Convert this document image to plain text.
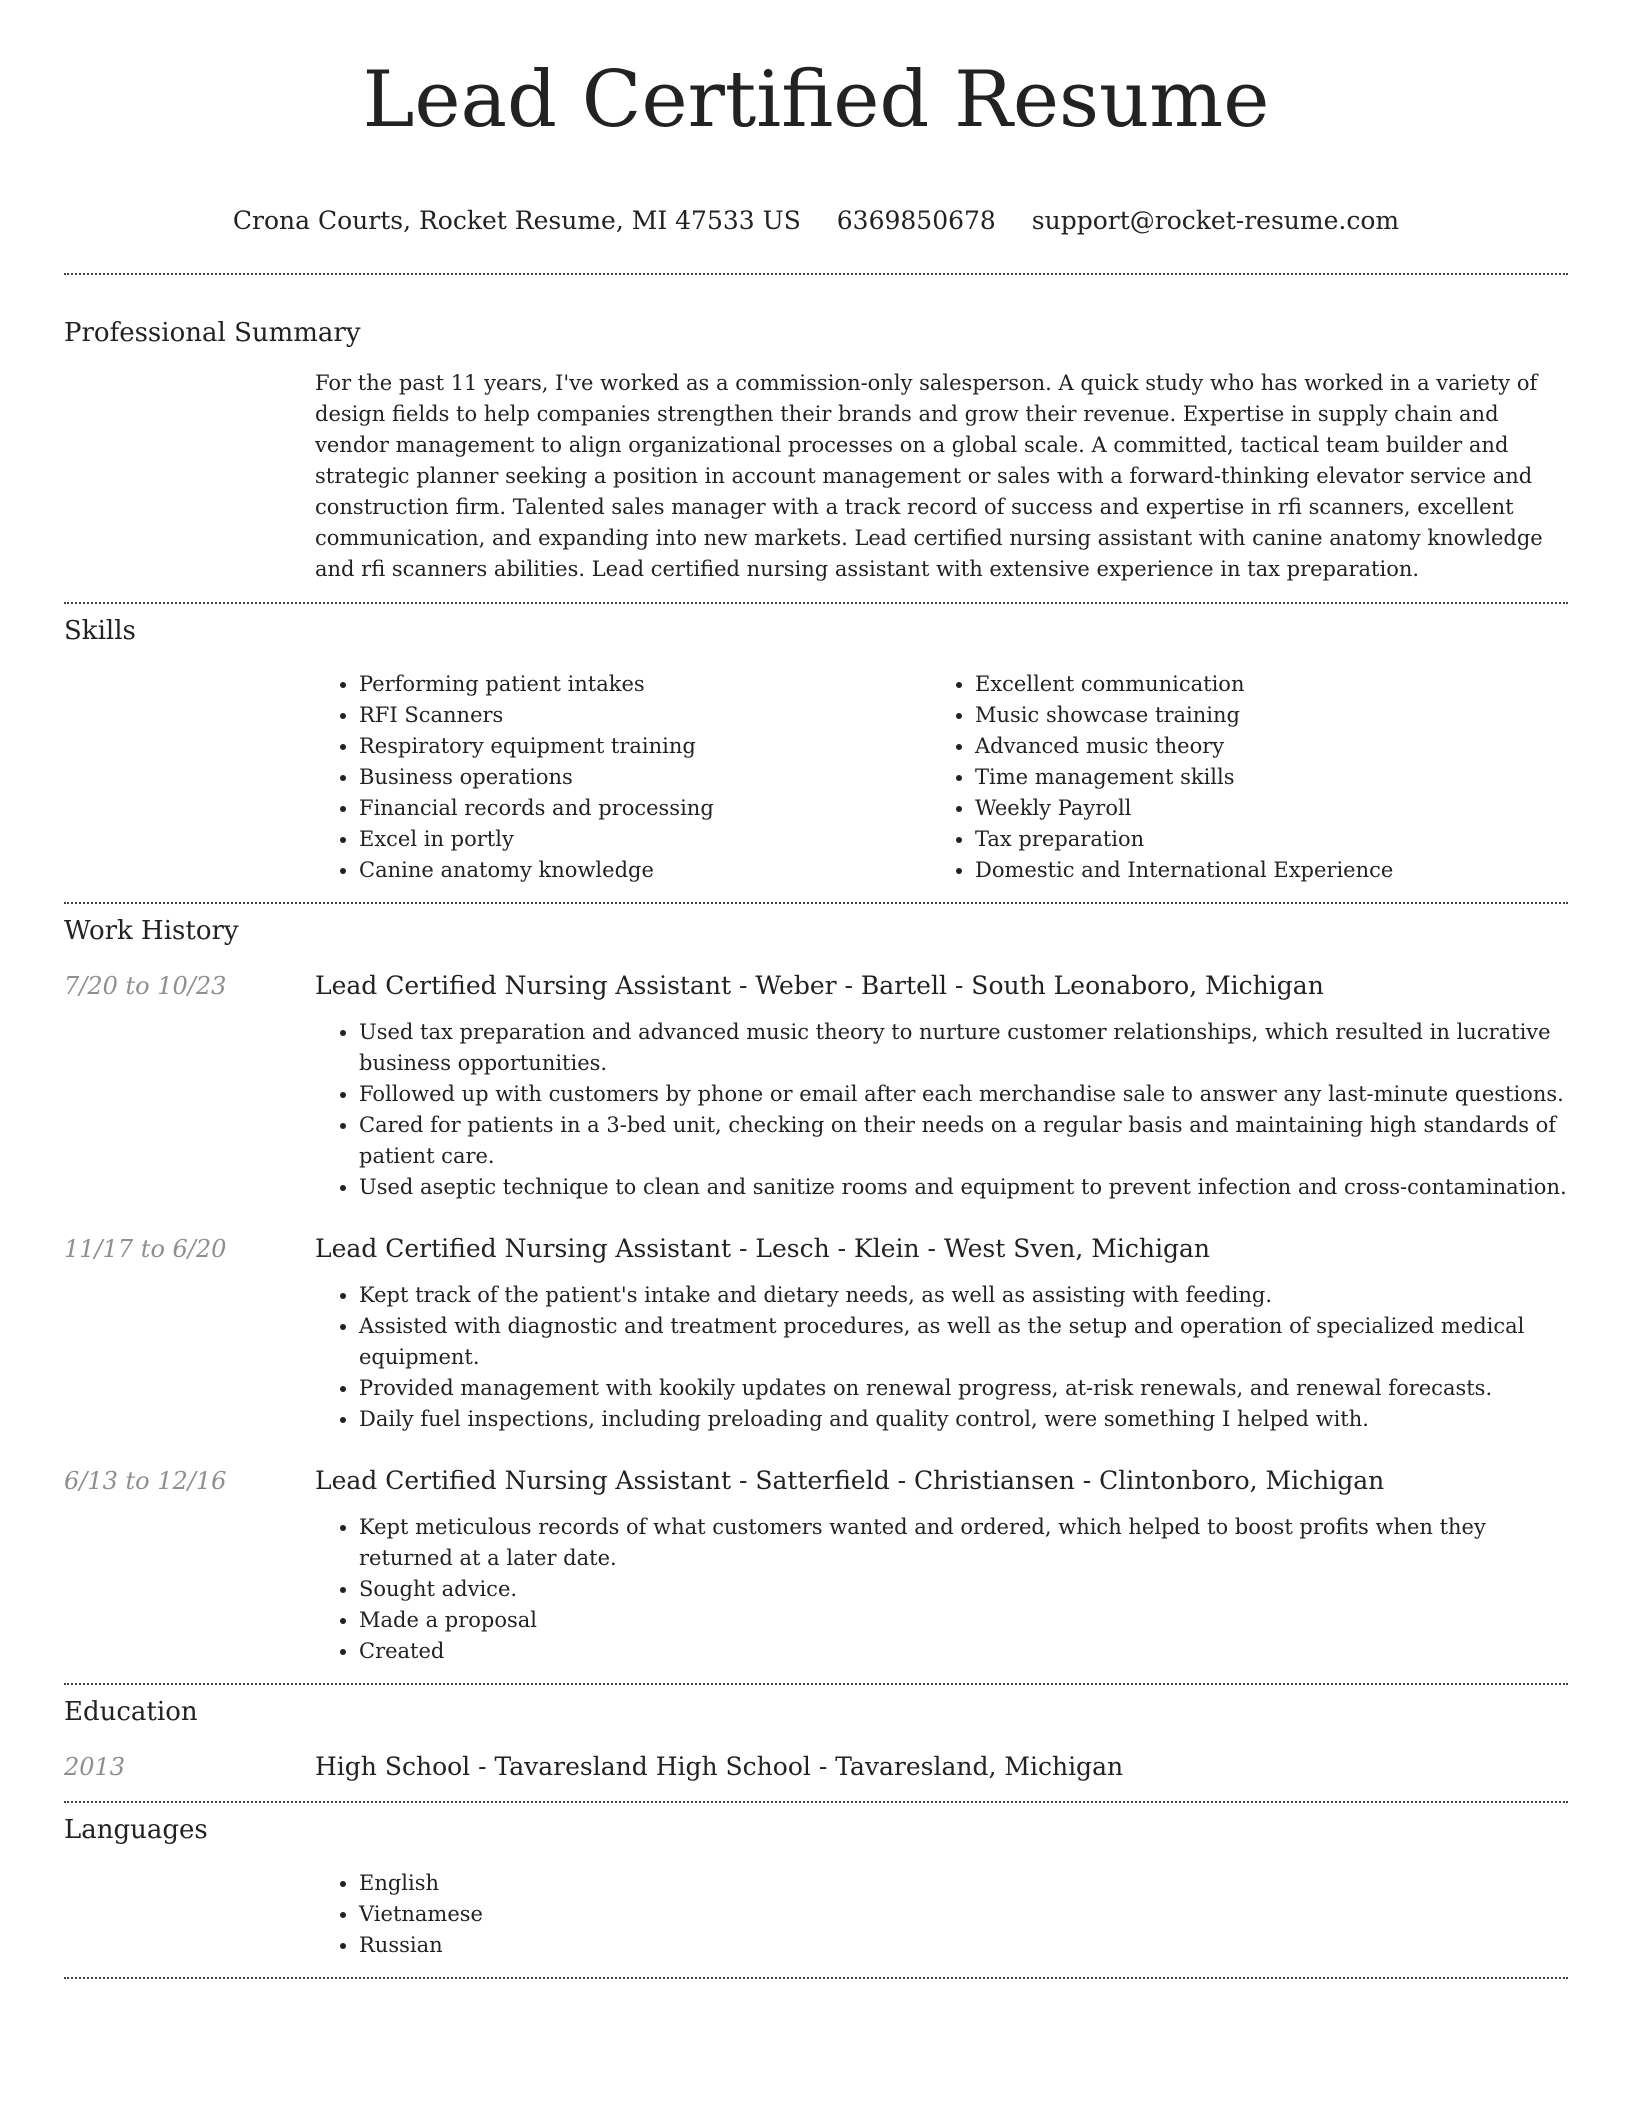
Lead Certified Resume
Crona Courts, Rocket Resume, MI 47533 US 6369850678 support@rocket-resume.com
Professional Summary

For the past 11 years, I've worked as a commission-only salesperson. A quick study who has worked in a variety of design fields to help companies strengthen their brands and grow their revenue. Expertise in supply chain and vendor management to align organizational processes on a global scale. A committed, tactical team builder and strategic planner seeking a position in account management or sales with a forward-thinking elevator service and construction firm. Talented sales manager with a track record of success and expertise in rfi scanners, excellent communication, and expanding into new markets. Lead certified nursing assistant with canine anatomy knowledge and rfi scanners abilities. Lead certified nursing assistant with extensive experience in tax preparation.

Skills
• Performing patient intakes
• RFI Scanners
• Respiratory equipment training
• Business operations
• Financial records and processing
• Excel in portly
• Canine anatomy knowledge
• Excellent communication
• Music showcase training
• Advanced music theory
• Time management skills
• Weekly Payroll
• Tax preparation
• Domestic and International Experience
Work History
7/20 to 10/23	Lead Certified Nursing Assistant - Weber - Bartell - South Leonaboro, Michigan
• Used tax preparation and advanced music theory to nurture customer relationships, which resulted in lucrative business opportunities.
• Followed up with customers by phone or email after each merchandise sale to answer any last-minute questions.
• Cared for patients in a 3-bed unit, checking on their needs on a regular basis and maintaining high standards of patient care.
• Used aseptic technique to clean and sanitize rooms and equipment to prevent infection and cross-contamination.
11/17 to 6/20	Lead Certified Nursing Assistant - Lesch - Klein - West Sven, Michigan
• Kept track of the patient's intake and dietary needs, as well as assisting with feeding.
• Assisted with diagnostic and treatment procedures, as well as the setup and operation of specialized medical equipment.
• Provided management with kookily updates on renewal progress, at-risk renewals, and renewal forecasts.
• Daily fuel inspections, including preloading and quality control, were something I helped with.
6/13 to 12/16	Lead Certified Nursing Assistant - Satterfield - Christiansen - Clintonboro, Michigan
• Kept meticulous records of what customers wanted and ordered, which helped to boost profits when they returned at a later date.
• Sought advice.
• Made a proposal
• Created
Education
2013	High School - Tavaresland High School - Tavaresland, Michigan
Languages
• English
• Vietnamese
• Russian
